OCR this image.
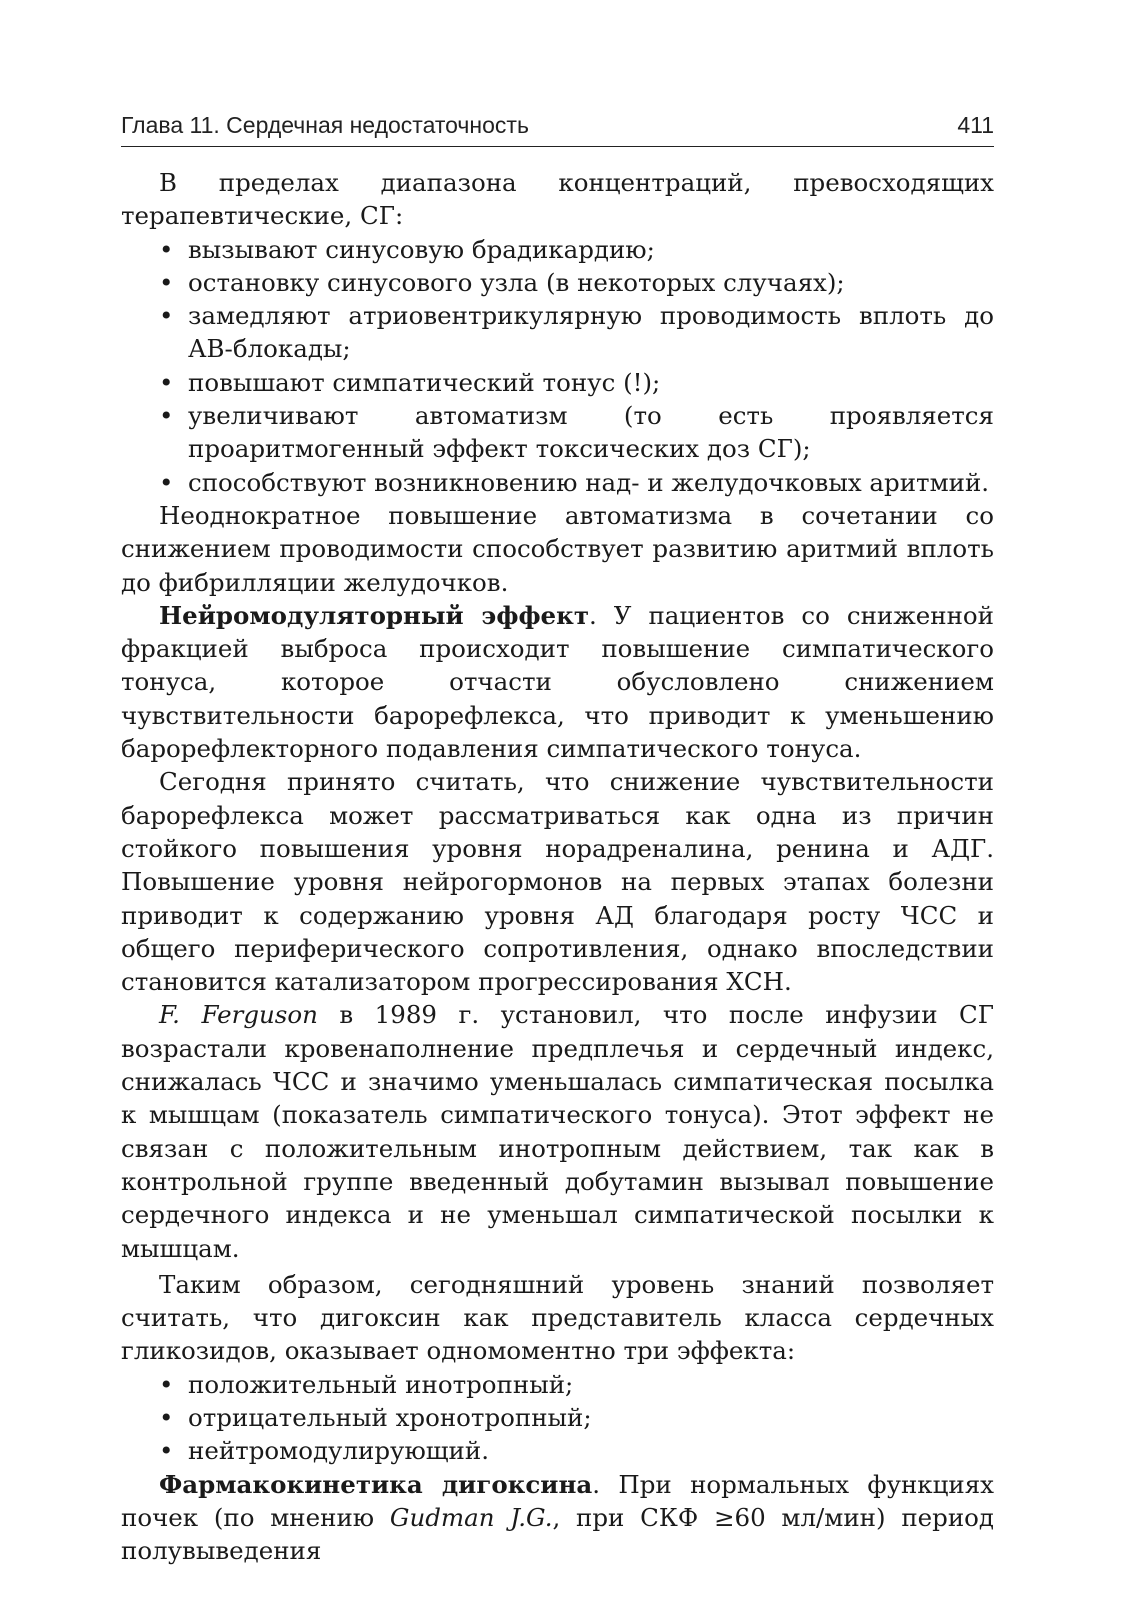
Глава 11. Сердечная недостаточность	411

В пределах диапазона концентраций, превосходящих терапевтические, СГ:

• вызывают синусовую брадикардию;
• остановку синусового узла (в некоторых случаях);
• замедляют атриовентрикулярную проводимость вплоть до АВ-блокады;
• повышают симпатический тонус (!);
• увеличивают автоматизм (то есть проявляется проаритмогенный эффект токсических доз СГ);
• способствуют возникновению над- и желудочковых аритмий.

Неоднократное повышение автоматизма в сочетании со снижением проводимости способствует развитию аритмий вплоть до фибрилляции желудочков.

Нейромодуляторный эффект. У пациентов со сниженной фракцией выброса происходит повышение симпатического тонуса, которое отчасти обусловлено снижением чувствительности барорефлекса, что приводит к уменьшению барорефлекторного подавления симпатического тонуса.

Сегодня принято считать, что снижение чувствительности барорефлекса может рассматриваться как одна из причин стойкого повышения уровня норадреналина, ренина и АДГ. Повышение уровня нейрогормонов на первых этапах болезни приводит к содержанию уровня АД благодаря росту ЧСС и общего периферического сопротивления, однако впоследствии становится катализатором прогрессирования ХСН.

F. Ferguson в 1989 г. установил, что после инфузии СГ возрастали кровенаполнение предплечья и сердечный индекс, снижалась ЧСС и значимо уменьшалась симпатическая посылка к мышцам (показатель симпатического тонуса). Этот эффект не связан с положительным инотропным действием, так как в контрольной группе введенный добутамин вызывал повышение сердечного индекса и не уменьшал симпатической посылки к мышцам.

Таким образом, сегодняшний уровень знаний позволяет считать, что дигоксин как представитель класса сердечных гликозидов, оказывает одномоментно три эффекта:

• положительный инотропный;
• отрицательный хронотропный;
• нейтромодулирующий.

Фармакокинетика дигоксина. При нормальных функциях почек (по мнению Gudman J.G., при СКФ ≥60 мл/мин) период полувыведения
